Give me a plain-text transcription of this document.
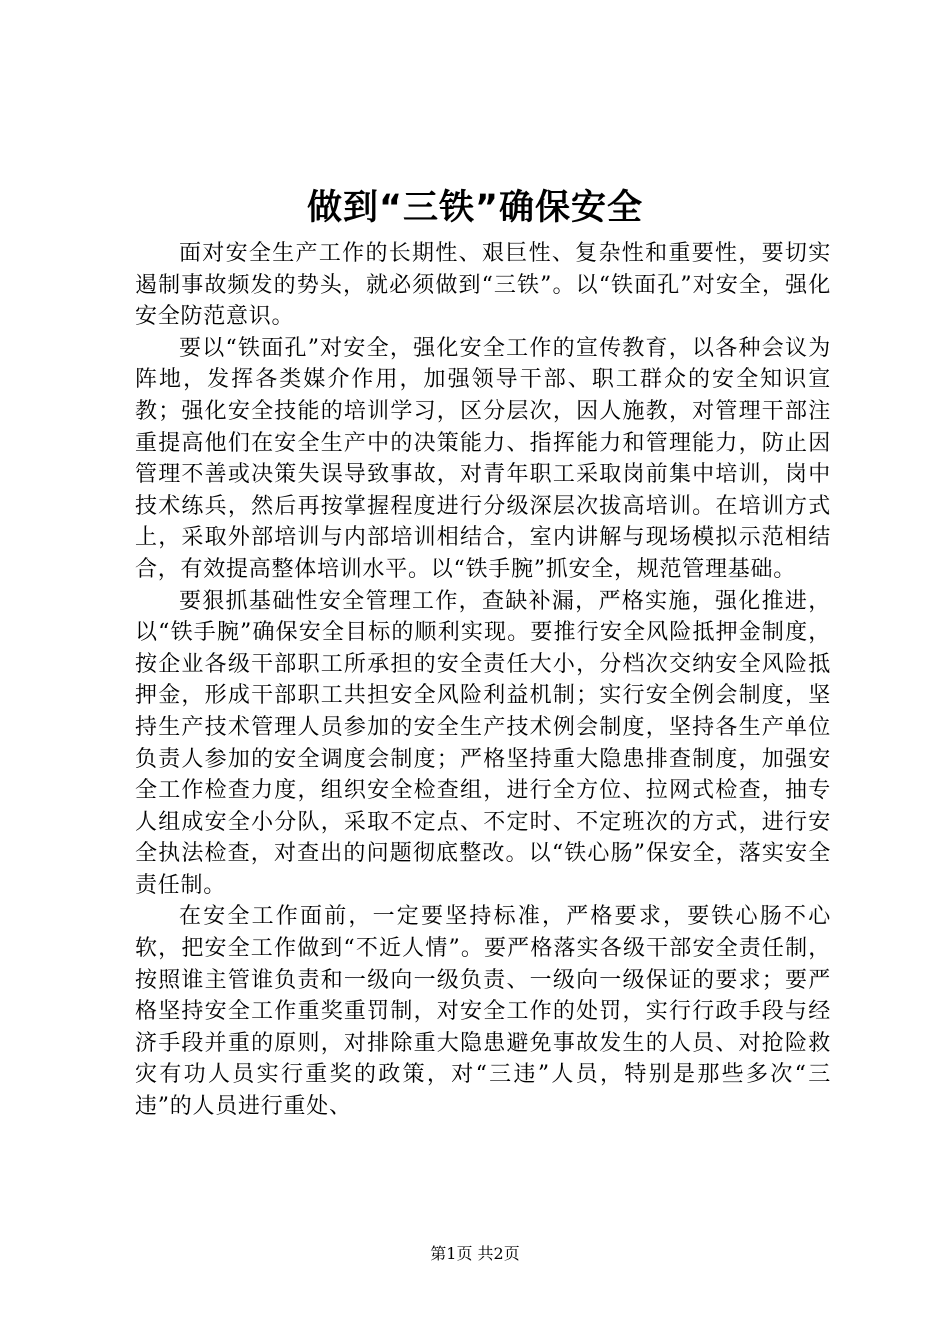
做到“三铁”确保安全

面对安全生产工作的长期性、艰巨性、复杂性和重要性，要切实遏制事故频发的势头，就必须做到“三铁”。以“铁面孔”对安全，强化安全防范意识。

要以“铁面孔”对安全，强化安全工作的宣传教育，以各种会议为阵地，发挥各类媒介作用，加强领导干部、职工群众的安全知识宣教；强化安全技能的培训学习，区分层次，因人施教，对管理干部注重提高他们在安全生产中的决策能力、指挥能力和管理能力，防止因管理不善或决策失误导致事故，对青年职工采取岗前集中培训，岗中技术练兵，然后再按掌握程度进行分级深层次拔高培训。在培训方式上，采取外部培训与内部培训相结合，室内讲解与现场模拟示范相结合，有效提高整体培训水平。以“铁手腕”抓安全，规范管理基础。

要狠抓基础性安全管理工作，查缺补漏，严格实施，强化推进，以“铁手腕”确保安全目标的顺利实现。要推行安全风险抵押金制度，按企业各级干部职工所承担的安全责任大小，分档次交纳安全风险抵押金，形成干部职工共担安全风险利益机制；实行安全例会制度，坚持生产技术管理人员参加的安全生产技术例会制度，坚持各生产单位负责人参加的安全调度会制度；严格坚持重大隐患排查制度，加强安全工作检查力度，组织安全检查组，进行全方位、拉网式检查，抽专人组成安全小分队，采取不定点、不定时、不定班次的方式，进行安全执法检查，对查出的问题彻底整改。以“铁心肠”保安全，落实安全责任制。

在安全工作面前，一定要坚持标准，严格要求，要铁心肠不心软，把安全工作做到“不近人情”。要严格落实各级干部安全责任制，按照谁主管谁负责和一级向一级负责、一级向一级保证的要求；要严格坚持安全工作重奖重罚制，对安全工作的处罚，实行行政手段与经济手段并重的原则，对排除重大隐患避免事故发生的人员、对抢险救灾有功人员实行重奖的政策，对“三违”人员，特别是那些多次“三违”的人员进行重处、

第1页 共2页
